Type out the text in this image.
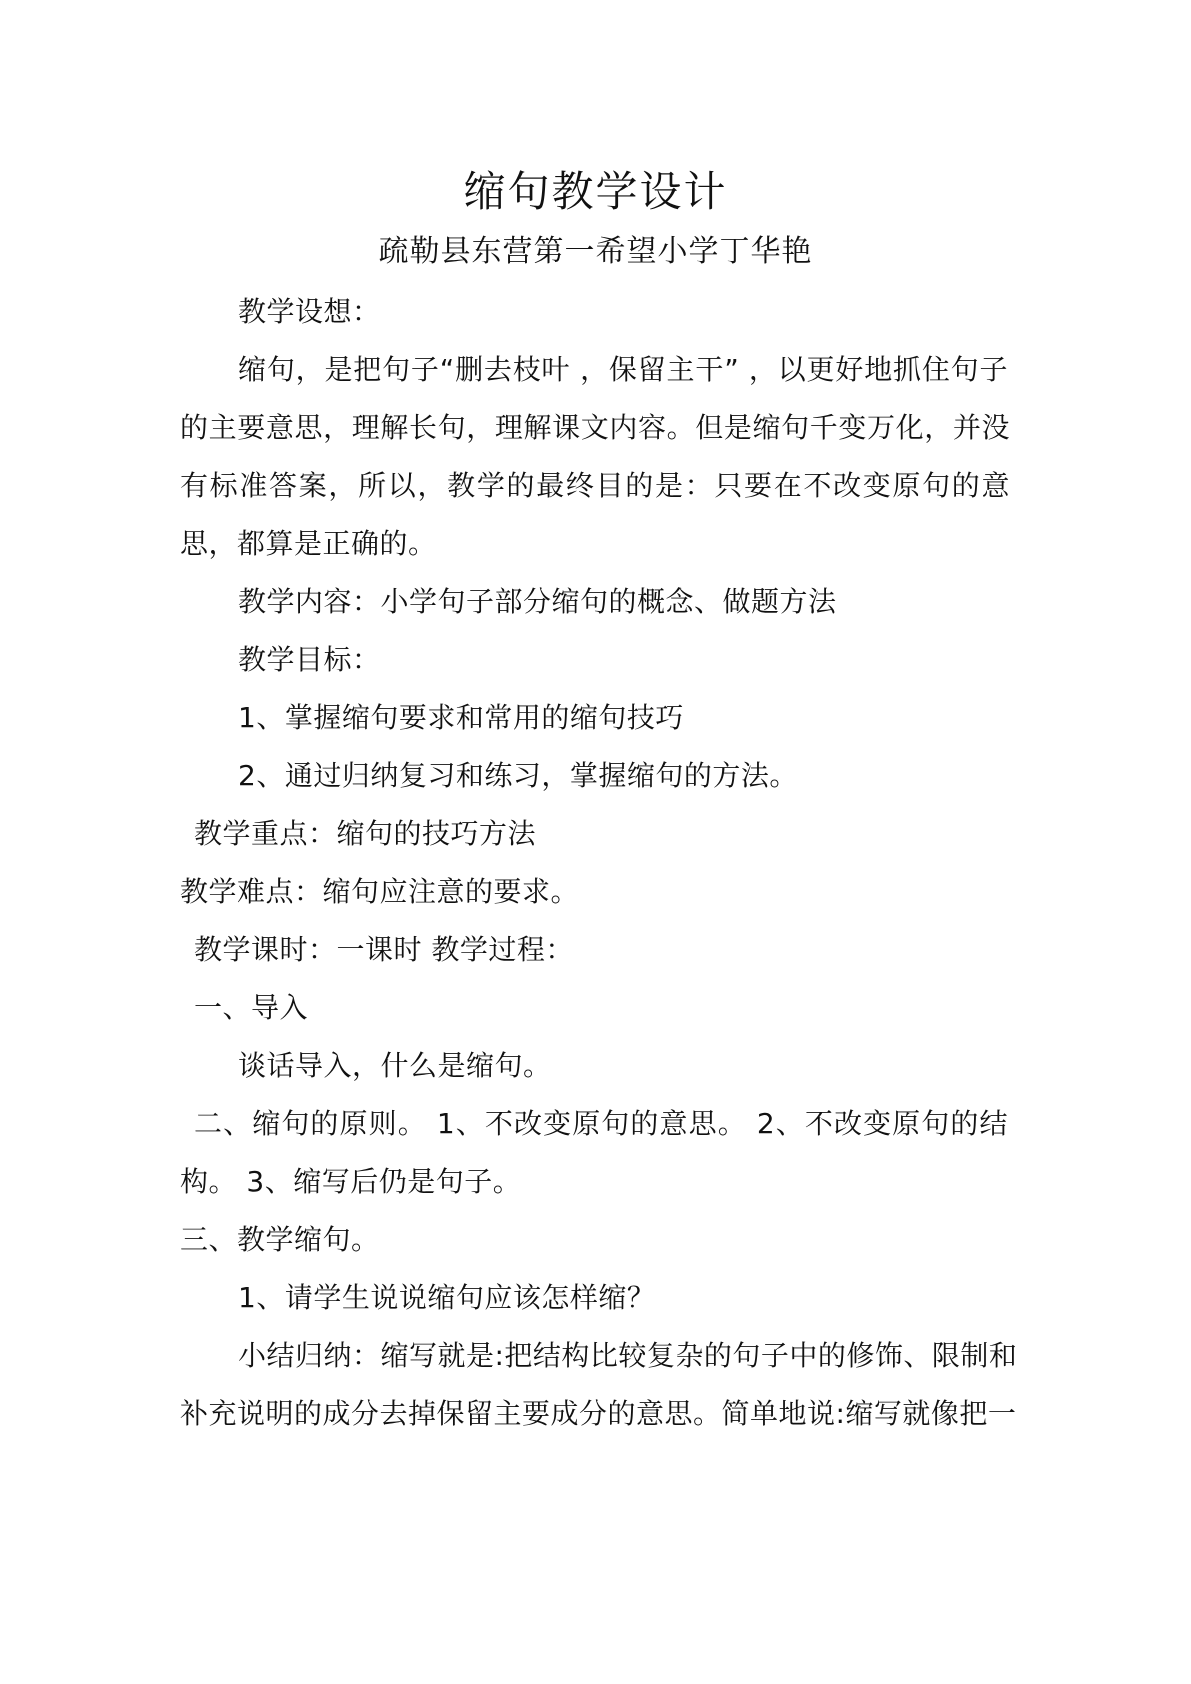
缩句教学设计
疏勒县东营第一希望小学丁华艳
教学设想：
缩句，是把句子“删去枝叶 ，保留主干” ，以更好地抓住句子
的主要意思，理解长句，理解课文内容。但是缩句千变万化，并没
有标准答案，所以，教学的最终目的是：只要在不改变原句的意
思，都算是正确的。
教学内容：小学句子部分缩句的概念、做题方法
教学目标：
1、掌握缩句要求和常用的缩句技巧
2、通过归纳复习和练习，掌握缩句的方法。
教学重点：缩句的技巧方法
教学难点：缩句应注意的要求。
教学课时：一课时 教学过程：
一、导入
谈话导入，什么是缩句。
二、缩句的原则。 1、不改变原句的意思。 2、不改变原句的结
构。 3、缩写后仍是句子。
三、教学缩句。
1、请学生说说缩句应该怎样缩？
小结归纳：缩写就是:把结构比较复杂的句子中的修饰、限制和
补充说明的成分去掉保留主要成分的意思。简单地说:缩写就像把一
